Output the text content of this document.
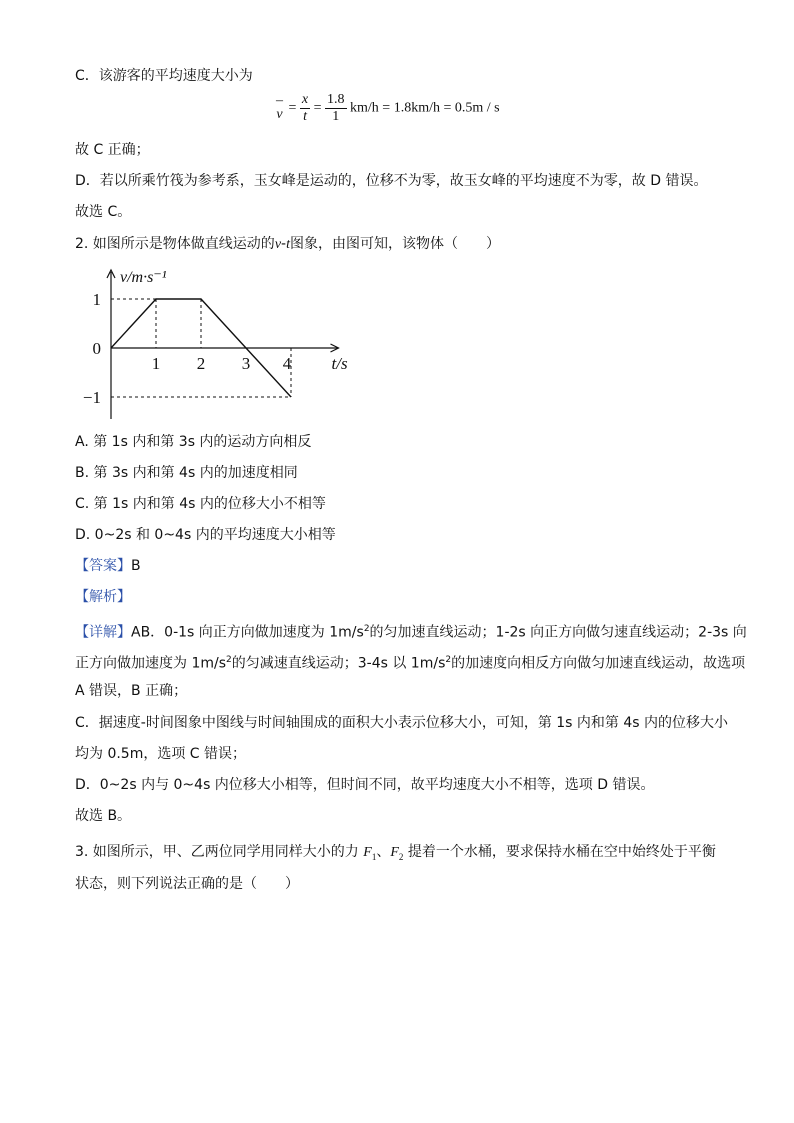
C．该游客的平均速度大小为
–
$v = \frac{x}{t} = \frac{1.8}{1} km/h = 1.8km/h = 0.5m / s$
故 C 正确；
D．若以所乘竹筏为参考系，玉女峰是运动的，位移不为零，故玉女峰的平均速度不为零，故 D 错误。
故选 C。
2. 如图所示是物体做直线运动的v-t图象，由图可知，该物体（　　）
1 2 3 4
1
0
−1
t/s
v/m·s⁻¹
A. 第 1s 内和第 3s 内的运动方向相反
B. 第 3s 内和第 4s 内的加速度相同
C. 第 1s 内和第 4s 内的位移大小不相等
D. 0~2s 和 0~4s 内的平均速度大小相等
【答案】B
【解析】
【详解】AB．0-1s 向正方向做加速度为 $1m/s^2$的匀加速直线运动；1-2s 向正方向做匀速直线运动；2-3s 向
正方向做加速度为 $1m/s^2$的匀减速直线运动；3-4s 以 $1m/s^2$的加速度向相反方向做匀加速直线运动，故选项
A 错误，B 正确；
C．据速度-时间图象中图线与时间轴围成的面积大小表示位移大小，可知，第 1s 内和第 4s 内的位移大小
均为 0.5m，选项 C 错误；
D．0~2s 内与 0~4s 内位移大小相等，但时间不同，故平均速度大小不相等，选项 D 错误。
故选 B。
3. 如图所示，甲、乙两位同学用同样大小的力 $F_1$、$F_2$ 提着一个水桶，要求保持水桶在空中始终处于平衡
状态，则下列说法正确的是（　　）
